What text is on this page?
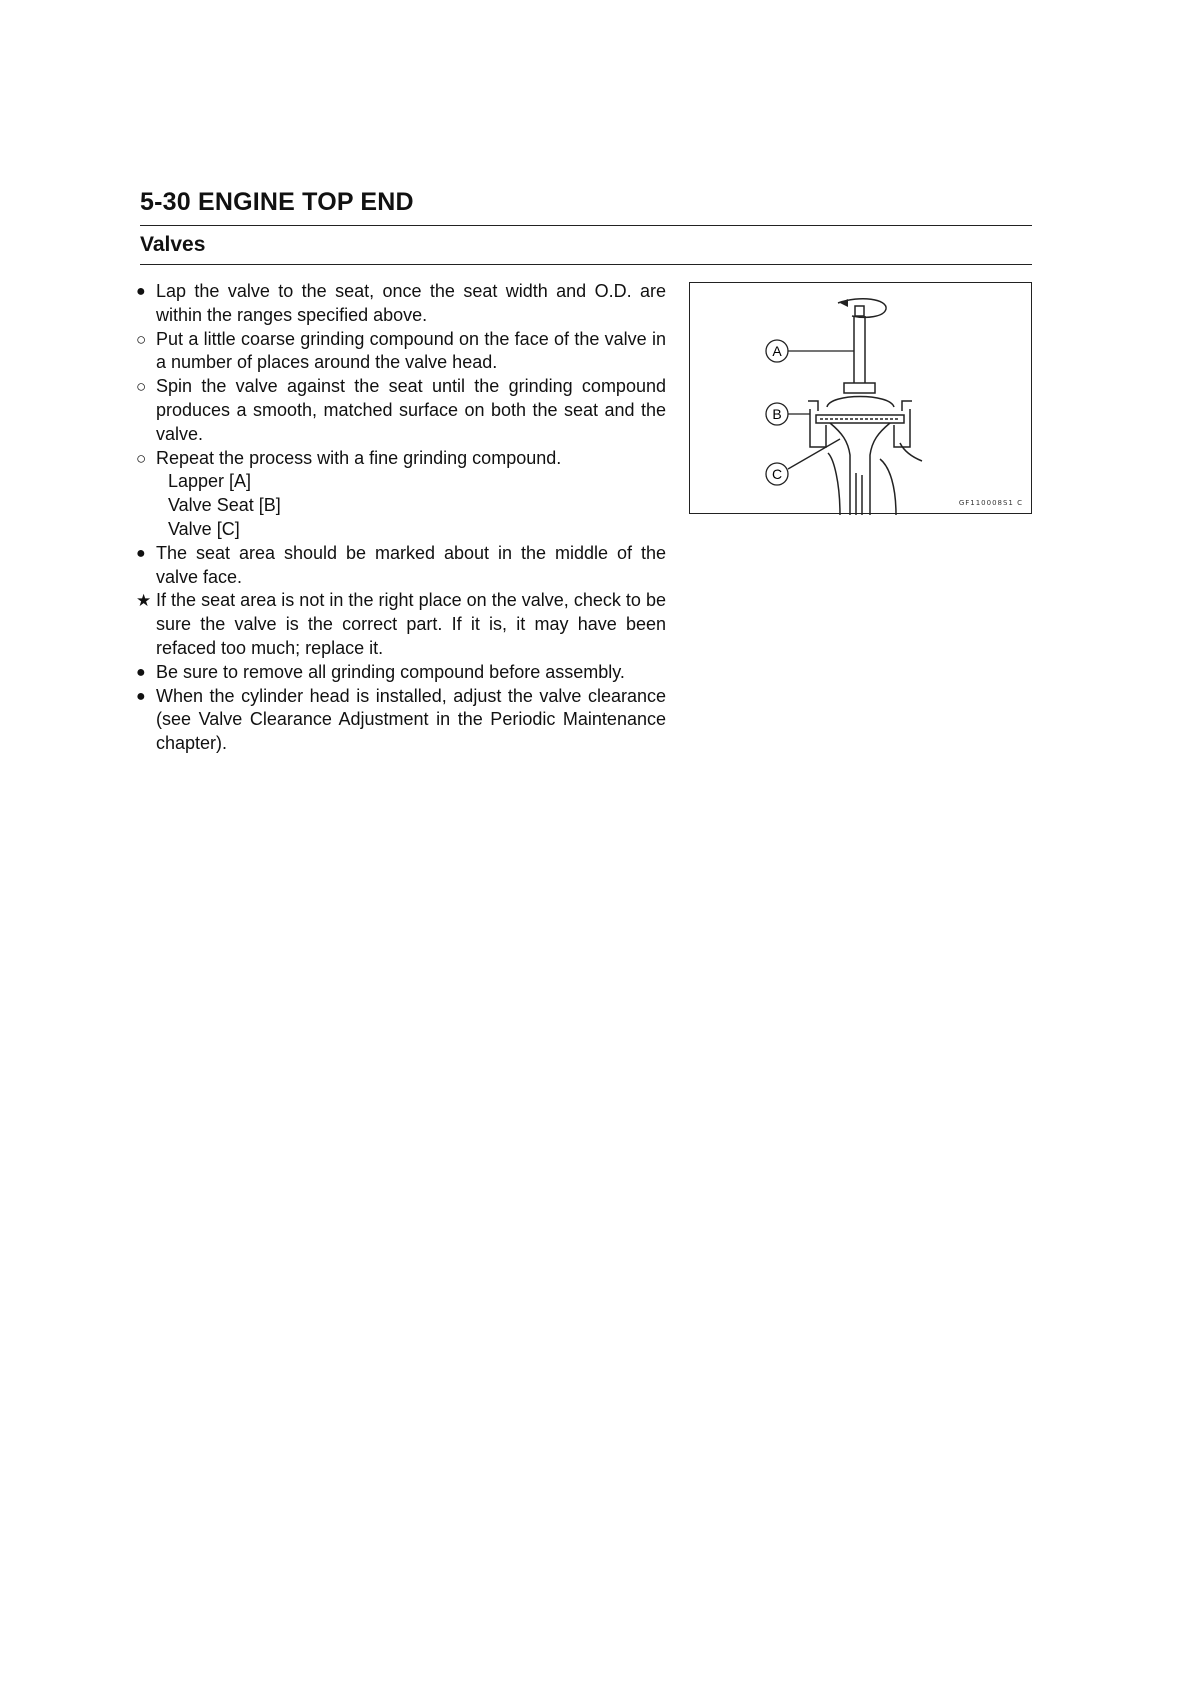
5-30 ENGINE TOP END
Valves

● Lap the valve to the seat, once the seat width and O.D. are within the ranges specified above.

○ Put a little coarse grinding compound on the face of the valve in a number of places around the valve head.

○ Spin the valve against the seat until the grinding compound produces a smooth, matched surface on both the seat and the valve.

○ Repeat the process with a fine grinding compound.

Lapper [A]

Valve Seat [B]

Valve [C]

● The seat area should be marked about in the middle of the valve face.

★ If the seat area is not in the right place on the valve, check to be sure the valve is the correct part. If it is, it may have been refaced too much; replace it.

● Be sure to remove all grinding compound before assembly.

● When the cylinder head is installed, adjust the valve clearance (see Valve Clearance Adjustment in the Periodic Maintenance chapter).

A
B
C
GF110008S1 C
